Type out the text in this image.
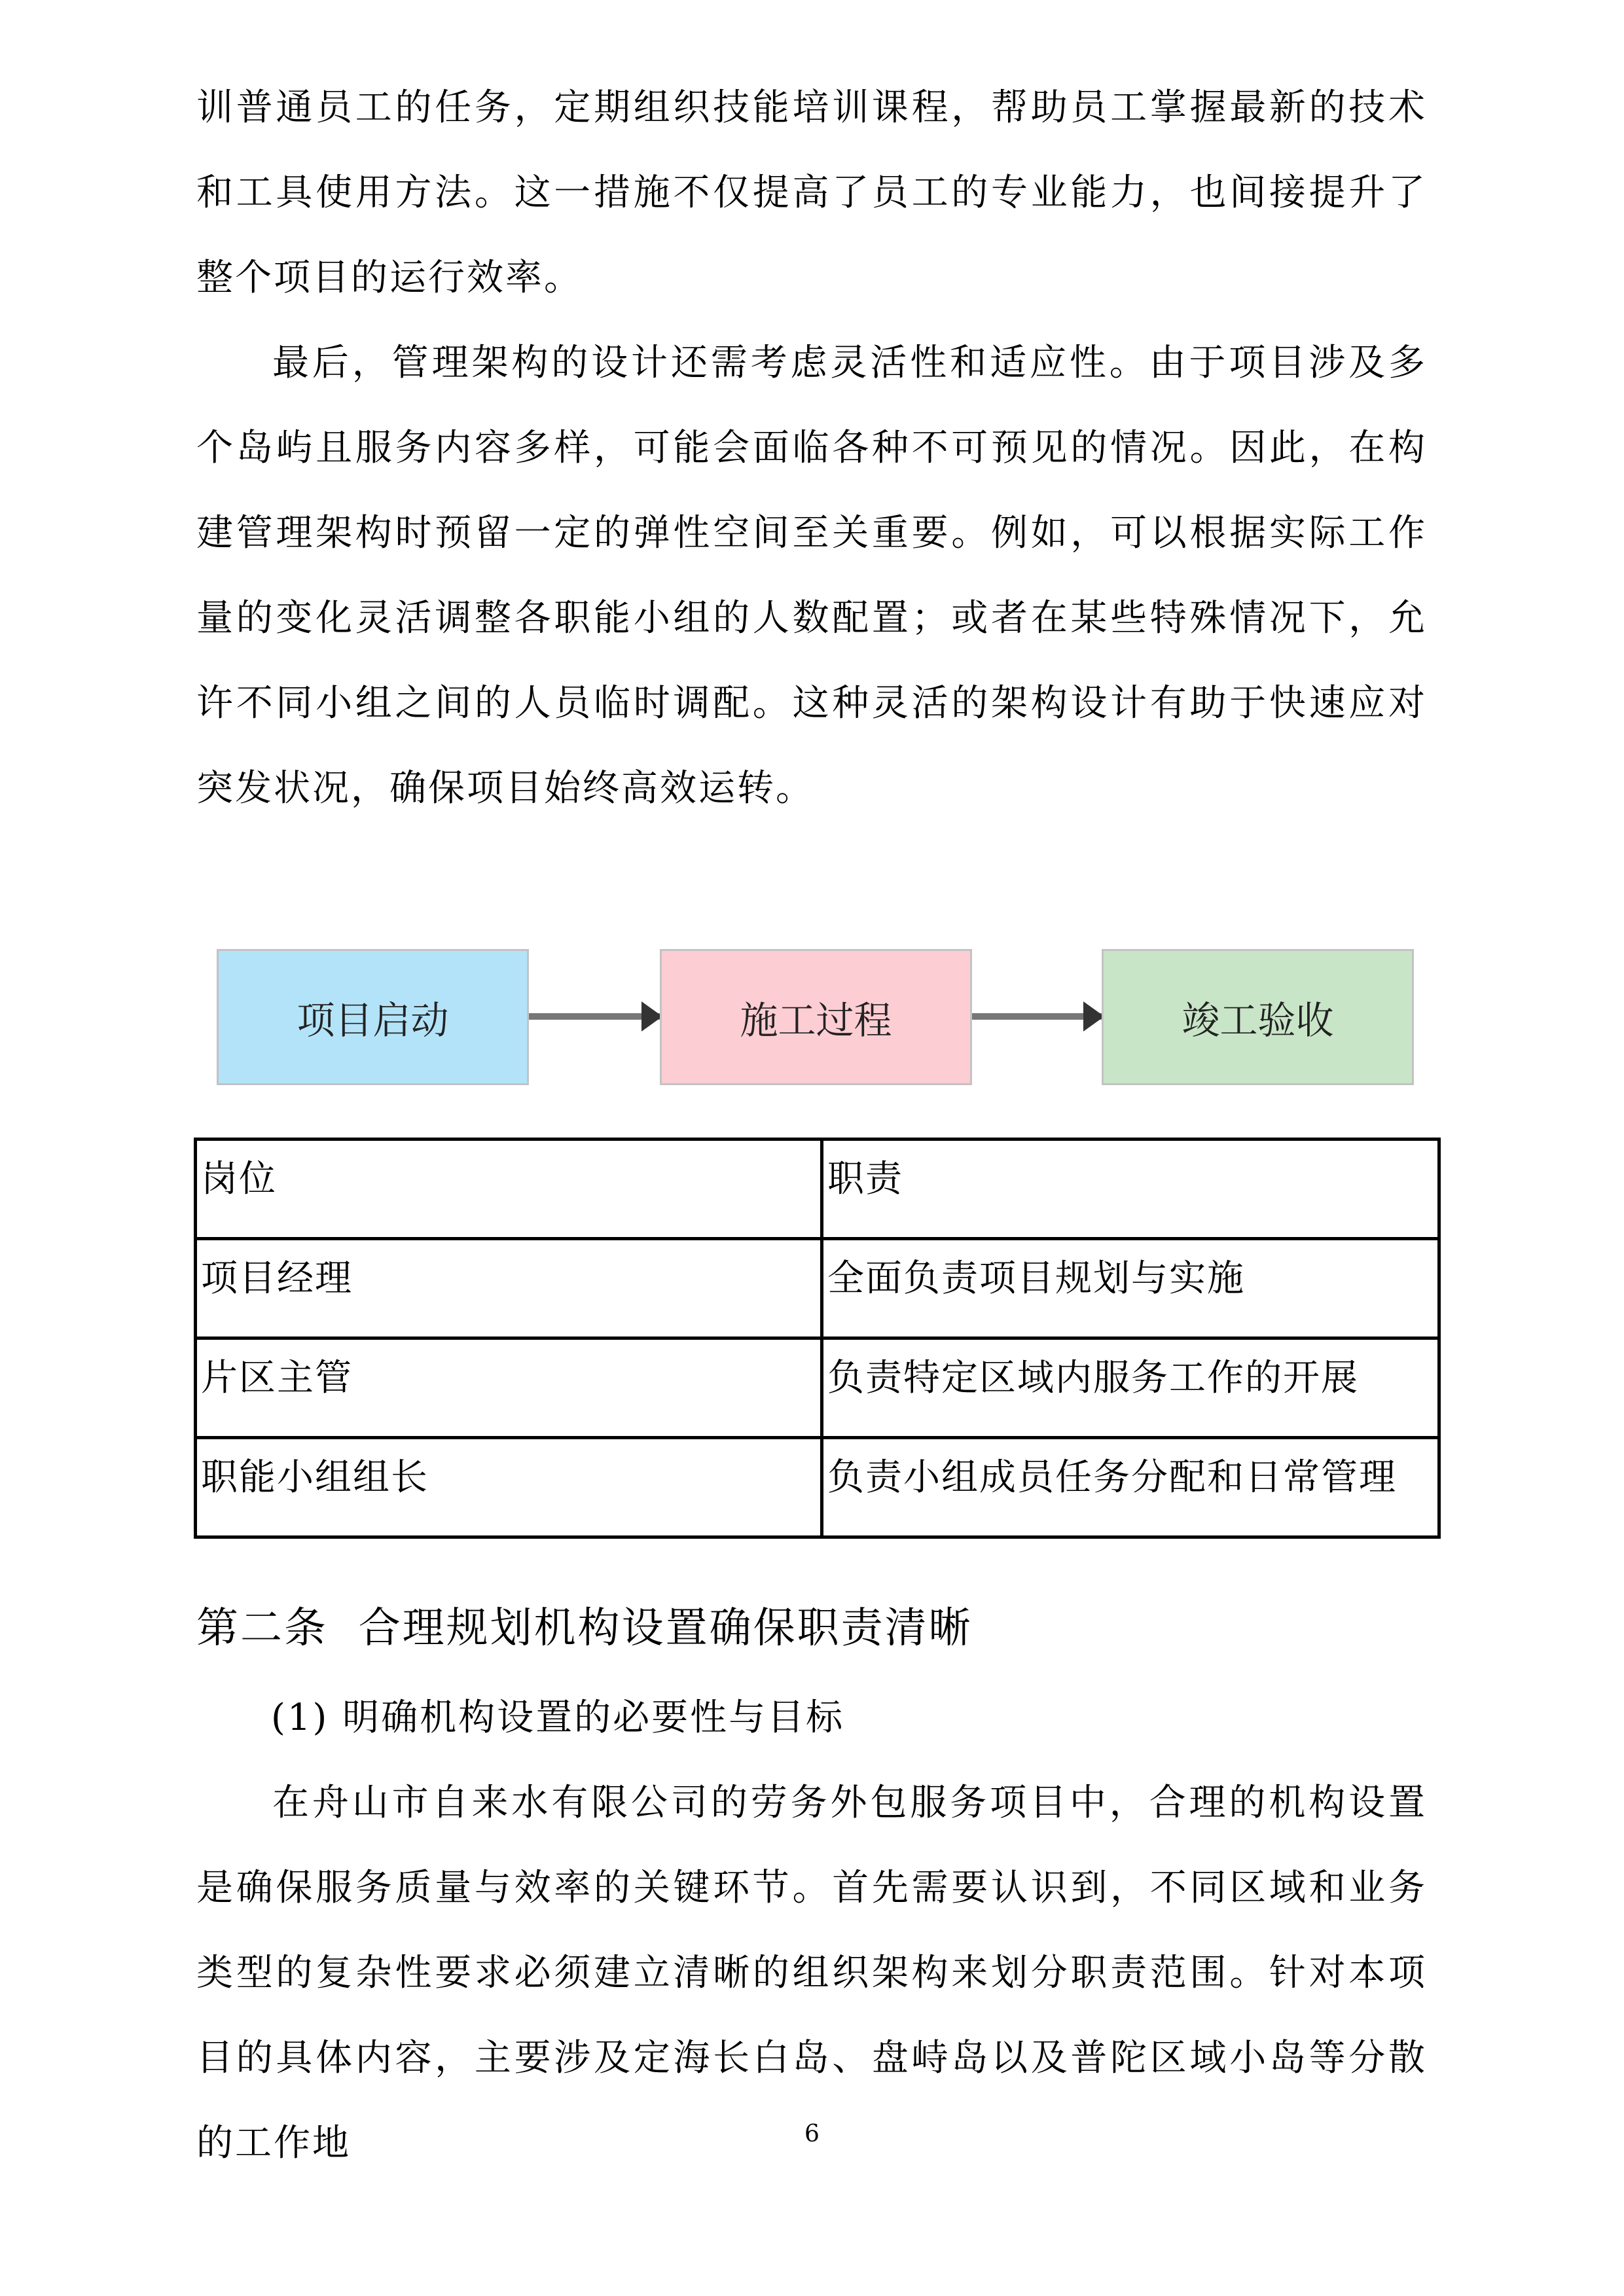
训普通员工的任务，定期组织技能培训课程，帮助员工掌握最新的技术和工具使用方法。这一措施不仅提高了员工的专业能力，也间接提升了整个项目的运行效率。
最后，管理架构的设计还需考虑灵活性和适应性。由于项目涉及多个岛屿且服务内容多样，可能会面临各种不可预见的情况。因此，在构建管理架构时预留一定的弹性空间至关重要。例如，可以根据实际工作量的变化灵活调整各职能小组的人数配置；或者在某些特殊情况下，允许不同小组之间的人员临时调配。这种灵活的架构设计有助于快速应对突发状况，确保项目始终高效运转。
项目启动	施工过程	竣工验收
岗位	职责
项目经理	全面负责项目规划与实施
片区主管	负责特定区域内服务工作的开展
职能小组组长	负责小组成员任务分配和日常管理
第二条  合理规划机构设置确保职责清晰
(1) 明确机构设置的必要性与目标
在舟山市自来水有限公司的劳务外包服务项目中，合理的机构设置是确保服务质量与效率的关键环节。首先需要认识到，不同区域和业务类型的复杂性要求必须建立清晰的组织架构来划分职责范围。针对本项目的具体内容，主要涉及定海长白岛、盘峙岛以及普陀区域小岛等分散的工作地	6
